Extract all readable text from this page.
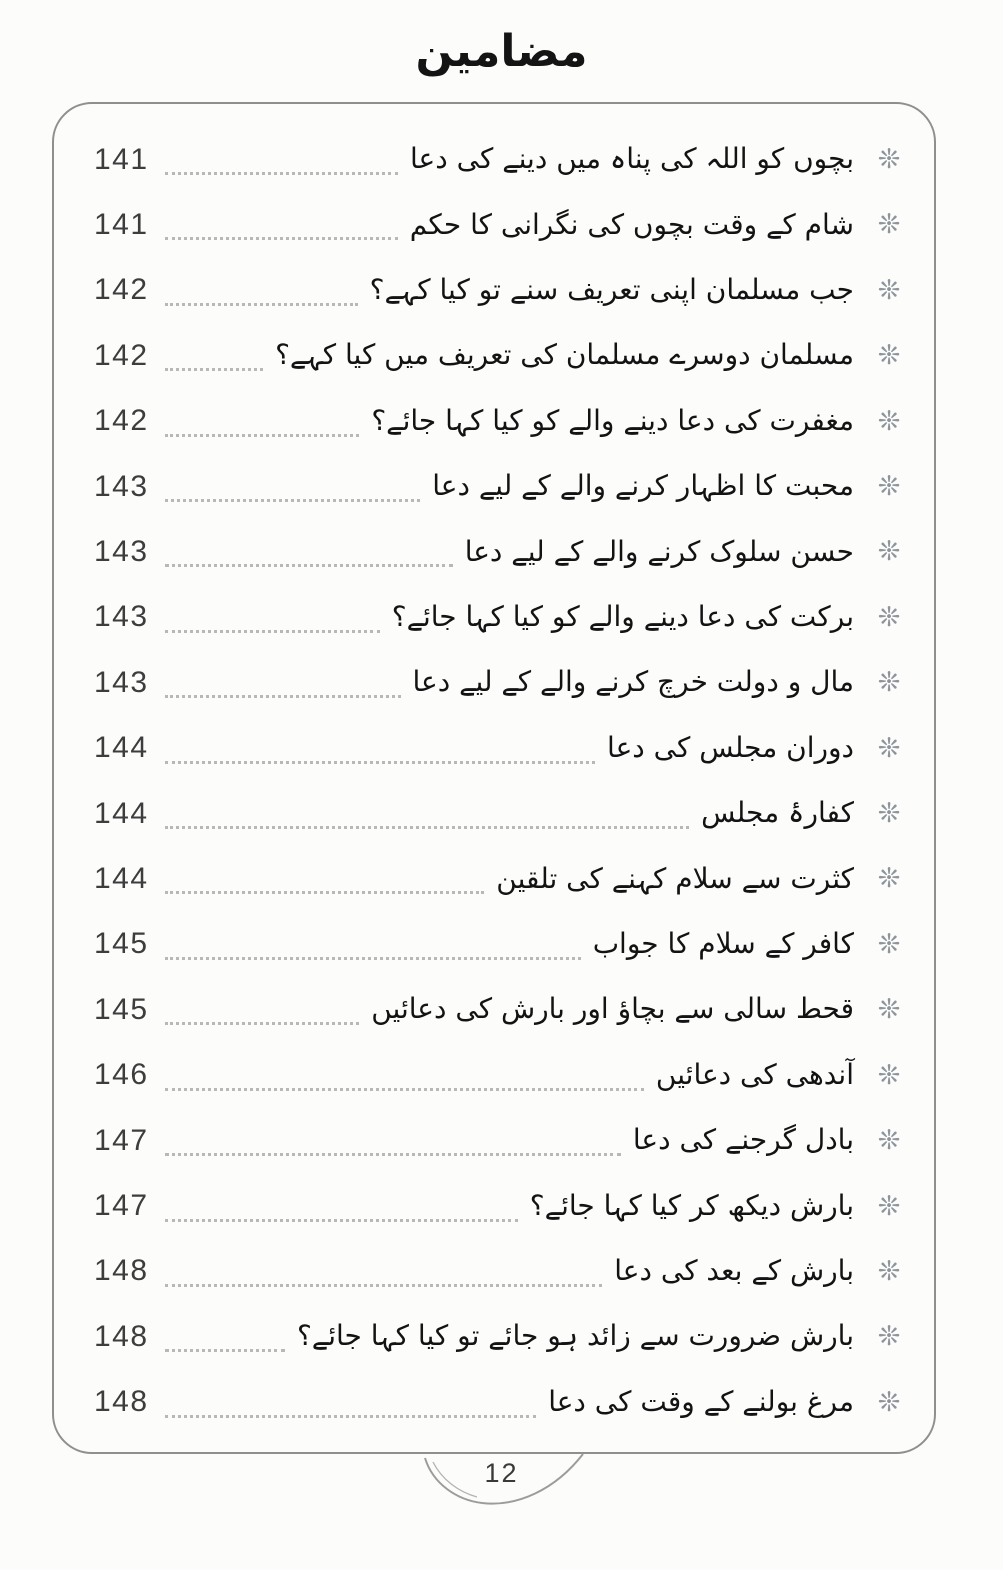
مضامین
141	بچوں کو اللہ کی پناہ میں دینے کی دعا ❊
141	شام کے وقت بچوں کی نگرانی کا حکم ❊
142	جب مسلمان اپنی تعریف سنے تو کیا کہے؟ ❊
142	مسلمان دوسرے مسلمان کی تعریف میں کیا کہے؟ ❊
142	مغفرت کی دعا دینے والے کو کیا کہا جائے؟ ❊
143	محبت کا اظہار کرنے والے کے لیے دعا ❊
143	حسن سلوک کرنے والے کے لیے دعا ❊
143	برکت کی دعا دینے والے کو کیا کہا جائے؟ ❊
143	مال و دولت خرچ کرنے والے کے لیے دعا ❊
144	دوران مجلس کی دعا ❊
144	کفارۂ مجلس ❊
144	کثرت سے سلام کہنے کی تلقین ❊
145	کافر کے سلام کا جواب ❊
145	قحط سالی سے بچاؤ اور بارش کی دعائیں ❊
146	آندھی کی دعائیں ❊
147	بادل گرجنے کی دعا ❊
147	بارش دیکھ کر کیا کہا جائے؟ ❊
148	بارش کے بعد کی دعا ❊
148	بارش ضرورت سے زائد ہو جائے تو کیا کہا جائے؟ ❊
148	مرغ بولنے کے وقت کی دعا ❊
12
